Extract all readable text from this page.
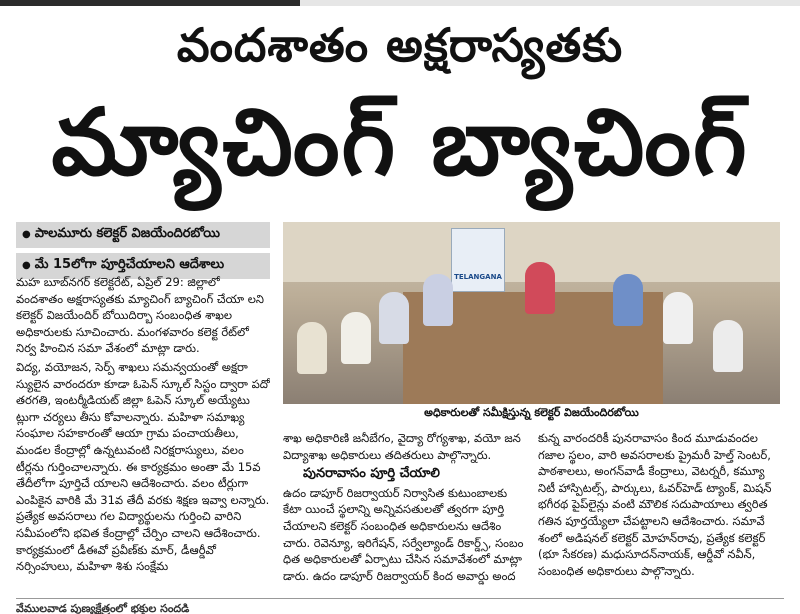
వందశాతం అక్షరాస్యతకు
మ్యాచింగ్ బ్యాచింగ్
● పాలమూరు కలెక్టర్ విజయేందిరబోయి
● మే 15లోగా పూర్తిచేయాలని ఆదేశాలు
TELANGANA
అధికారులతో సమీక్షిస్తున్న కలెక్టర్ విజయేందిరబోయి

మహ బూబ్‌నగర్ కలెక్టరేట్, ఏప్రిల్ 29: జిల్లాలో వందశాతం అక్షరాస్యతకు మ్యాచింగ్ బ్యాచింగ్ చేయా లని కలెక్టర్ విజయేందిర్ బోయిదిర్బా సంబంధిత శాఖల అధికారులకు సూచించారు. మంగళవారం కలెక్ట రేట్‌లో నిర్వ హించిన సమా వేశంలో మాట్లా డారు.

విద్య, వయోజన, సెర్ప్ శాఖలు సమన్వయంతో అక్షరా స్యులైన వారందరూ కూడా ఓపెన్ స్కూల్ సిస్టం ద్వారా పదో తరగతి, ఇంటర్మీడియట్ జిల్లా ఓపెన్ స్కూల్ అయ్యేటు ట్లుగా చర్యలు తీసు కోవాలన్నారు. మహిళా సమాఖ్య సంఘాల సహకారంతో ఆయా గ్రామ పంచాయతీలు, మండల కేంద్రాల్లో ఉన్నటువంటి నిరక్షరాస్యులు, వలం టీర్లను గుర్తించాలన్నారు. ఈ కార్యక్రమం అంతా మే 15వ తేదీలోగా పూర్తిచే యాలని ఆదేశించారు. వలం టీర్లుగా ఎంపికైన వారికి మే 31వ తేదీ వరకు శిక్షణ ఇవ్వా లన్నారు. ప్రత్యేక అవసరాలు గల విద్యార్థులను గుర్తించి వారిని సమీపంలోని భవిత కేంద్రాల్లో చేర్పిం చాలని ఆదేశించారు. కార్యక్రమంలో డీఈవో ప్రవీణ్‌కు మార్, డీఆర్డీవో నర్సింహులు, మహిళా శిశు సంక్షేమ

శాఖ అధికారిణి జనీబేగం, వైద్యా రోగ్యశాఖ, వయో జన విద్యాశాఖ అధికారులు తదితరులు పాల్గొన్నారు.

పునరావాసం పూర్తి చేయాలి

ఉదం డాపూర్ రిజర్వాయర్ నిర్వాసిత కుటుంబాలకు కేటా యించే స్థలాన్ని అన్నివసతులతో త్వరగా పూర్తి చేయాలని కలెక్టర్ సంబంధిత అధికారులను ఆదేశిం చారు. రెవెన్యూ, ఇరిగేషన్, సర్వేల్యాండ్ రికార్డ్స్, సంబం ధిత అధికారులతో ఏర్పాటు చేసిన సమావేశంలో మాట్లా డారు. ఉదం డాపూర్ రిజర్వాయర్ కింద అవార్డు అంద

కున్న వారందరికీ పునరావాసం కింద మూడువందల గజాల స్థలం, వారి అవసరాలకు ప్రైమరీ హెల్త్ సెంటర్, పాఠశాలలు, అంగన్‌వాడీ కేంద్రాలు, వెటర్నరీ, కమ్యూ నిటీ హాస్పిటల్స్, పార్కులు, ఓవర్‌హెడ్ ట్యాంక్, మిషన్ భగీరథ పైప్‌లైన్లు వంటి మౌలిక సదుపాయాలు త్వరిత గతిన పూర్తయ్యేలా చేపట్టాలని ఆదేశించారు. సమావే శంలో అడిషనల్ కలెక్టర్ మోహన్‌రావు, ప్రత్యేక కలెక్టర్ (భూ సేకరణ) మధుసూదన్‌నాయక్, ఆర్డీవో నవీన్, సంబంధిత అధికారులు పాల్గొన్నారు.

వేములవాడ పుణ్యక్షేత్రంలో భక్తుల సందడి
